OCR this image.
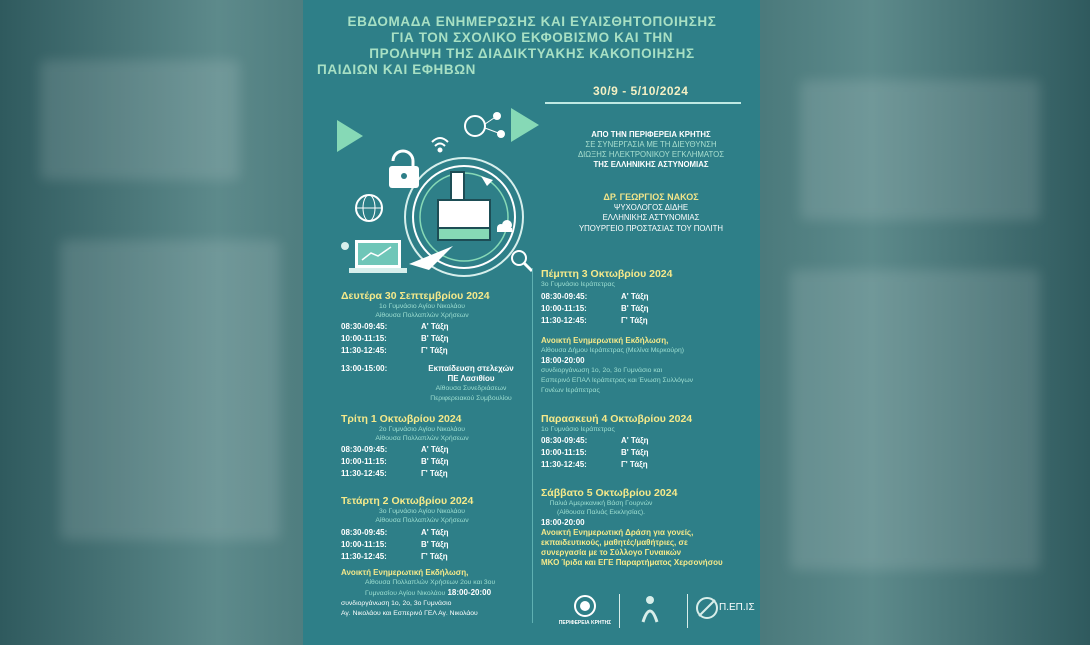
ΕΒΔΟΜΑΔΑ ΕΝΗΜΕΡΩΣΗΣ ΚΑΙ ΕΥΑΙΣΘΗΤΟΠΟΙΗΣΗΣ
ΓΙΑ ΤΟΝ ΣΧΟΛΙΚΟ ΕΚΦΟΒΙΣΜΟ ΚΑΙ ΤΗΝ
ΠΡΟΛΗΨΗ ΤΗΣ ΔΙΑΔΙΚΤΥΑΚΗΣ ΚΑΚΟΠΟΙΗΣΗΣ
ΠΑΙΔΙΩΝ ΚΑΙ ΕΦΗΒΩΝ
30/9 - 5/10/2024
ΑΠΟ ΤΗΝ ΠΕΡΙΦΕΡΕΙΑ ΚΡΗΤΗΣ
ΣΕ ΣΥΝΕΡΓΑΣΙΑ ΜΕ ΤΗ ΔΙΕΥΘΥΝΣΗ
ΔΙΩΞΗΣ ΗΛΕΚΤΡΟΝΙΚΟΥ ΕΓΚΛΗΜΑΤΟΣ
ΤΗΣ ΕΛΛΗΝΙΚΗΣ ΑΣΤΥΝΟΜΙΑΣ
ΔΡ. ΓΕΩΡΓΙΟΣ ΝΑΚΟΣ
ΨΥΧΟΛΟΓΟΣ ΔΙΔΗΕ
ΕΛΛΗΝΙΚΗΣ ΑΣΤΥΝΟΜΙΑΣ
ΥΠΟΥΡΓΕΙΟ ΠΡΟΣΤΑΣΙΑΣ ΤΟΥ ΠΟΛΙΤΗ
Δευτέρα 30 Σεπτεμβρίου 2024
1ο Γυμνάσιο Αγίου Νικολάου
Αίθουσα Πολλαπλών Χρήσεων
08:30-09:45:	Α' Τάξη
10:00-11:15:	Β' Τάξη
11:30-12:45:	Γ' Τάξη
13:00-15:00:	Εκπαίδευση στελεχών
ΠΕ Λασιθίου
Αίθουσα Συνεδριάσεων
Περιφερειακού Συμβουλίου
Τρίτη 1 Οκτωβρίου 2024
2ο Γυμνάσιο Αγίου Νικολάου
Αίθουσα Πολλαπλών Χρήσεων
08:30-09:45:	Α' Τάξη
10:00-11:15:	Β' Τάξη
11:30-12:45:	Γ' Τάξη
Τετάρτη 2 Οκτωβρίου 2024
3ο Γυμνάσιο Αγίου Νικολάου
Αίθουσα Πολλαπλών Χρήσεων
08:30-09:45:	Α' Τάξη
10:00-11:15:	Β' Τάξη
11:30-12:45:	Γ' Τάξη
Ανοικτή Ενημερωτική Εκδήλωση,
Αίθουσα Πολλαπλών Χρήσεων 2ου και 3ου
Γυμνασίου Αγίου Νικολάου 18:00-20:00
συνδιοργάνωση 1ο, 2ο, 3ο Γυμνάσιο
Αγ. Νικολάου και Εσπερινό ΓΕΛ Αγ. Νικολάου
Πέμπτη 3 Οκτωβρίου 2024
3ο Γυμνάσιο Ιεράπετρας
08:30-09:45:	Α' Τάξη
10:00-11:15:	Β' Τάξη
11:30-12:45:	Γ' Τάξη
Ανοικτή Ενημερωτική Εκδήλωση,
Αίθουσα Δήμου Ιεράπετρας (Μελίνα Μερκούρη)
18:00-20:00
συνδιοργάνωση 1ο, 2ο, 3ο Γυμνάσιο και
Εσπερινό ΕΠΑΛ Ιεράπετρας και Ένωση Συλλόγων
Γονέων Ιεράπετρας
Παρασκευή 4 Οκτωβρίου 2024
1ο Γυμνάσιο Ιεράπετρας
08:30-09:45:	Α' Τάξη
10:00-11:15:	Β' Τάξη
11:30-12:45:	Γ' Τάξη
Σάββατο 5 Οκτωβρίου 2024
Παλιά Αμερικανική Βάση Γουρνών
(Αίθουσα Παλιάς Εκκλησίας).
18:00-20:00
Ανοικτή Ενημερωτική Δράση για γονείς,
εκπαιδευτικούς, μαθητές/μαθήτριες, σε
συνεργασία με το Σύλλογο Γυναικών
ΜΚΟ Ίριδα και ΕΓΕ Παραρτήματος Χερσονήσου
ΠΕΡΙΦΕΡΕΙΑ ΚΡΗΤΗΣ
Π.ΕΠ.ΙΣ
